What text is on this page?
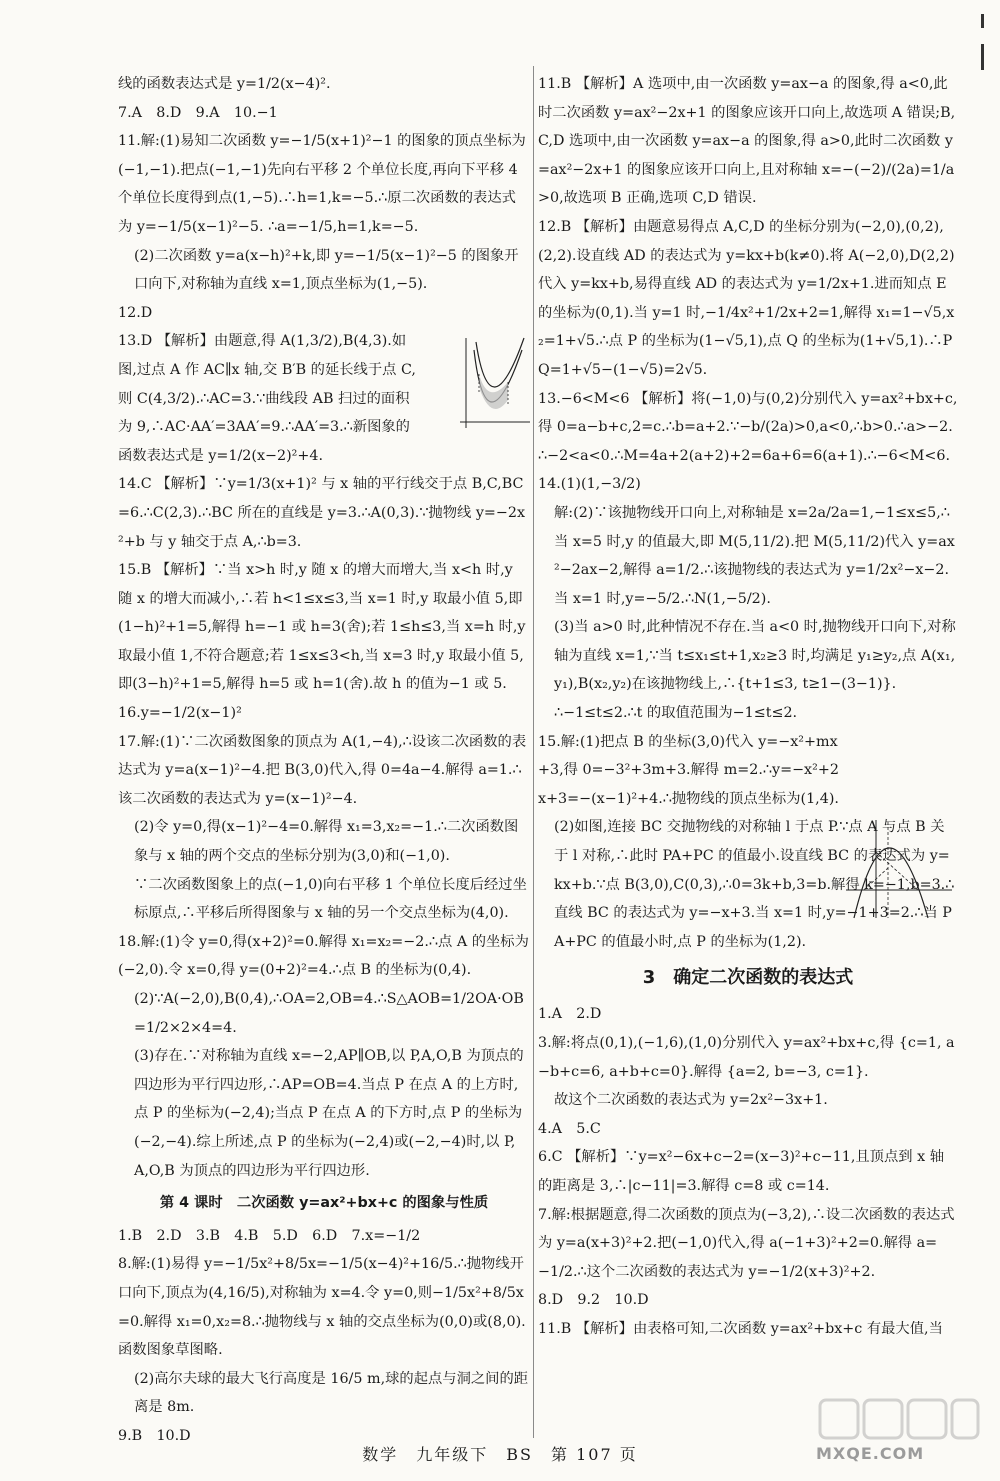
线的函数表达式是 y=1/2(x−4)².

7.A　8.D　9.A　10.−1

11.解:(1)易知二次函数 y=−1/5(x+1)²−1 的图象的顶点坐标为(−1,−1).把点(−1,−1)先向右平移 2 个单位长度,再向下平移 4 个单位长度得到点(1,−5).∴h=1,k=−5.∴原二次函数的表达式为 y=−1/5(x−1)²−5. ∴a=−1/5,h=1,k=−5.

(2)二次函数 y=a(x−h)²+k,即 y=−1/5(x−1)²−5 的图象开口向下,对称轴为直线 x=1,顶点坐标为(1,−5).

12.D

13.D 【解析】由题意,得 A(1,3/2),B(4,3).如图,过点 A 作 AC∥x 轴,交 B′B 的延长线于点 C,则 C(4,3/2).∴AC=3.∵曲线段 AB 扫过的面积为 9,∴AC·AA′=3AA′=9.∴AA′=3.∴新图象的函数表达式是 y=1/2(x−2)²+4.

14.C 【解析】∵y=1/3(x+1)² 与 x 轴的平行线交于点 B,C,BC=6.∴C(2,3).∴BC 所在的直线是 y=3.∴A(0,3).∵抛物线 y=−2x²+b 与 y 轴交于点 A,∴b=3.

15.B 【解析】∵当 x>h 时,y 随 x 的增大而增大,当 x<h 时,y 随 x 的增大而减小,∴若 h<1≤x≤3,当 x=1 时,y 取最小值 5,即(1−h)²+1=5,解得 h=−1 或 h=3(舍);若 1≤h≤3,当 x=h 时,y 取最小值 1,不符合题意;若 1≤x≤3<h,当 x=3 时,y 取最小值 5,即(3−h)²+1=5,解得 h=5 或 h=1(舍).故 h 的值为−1 或 5.

16.y=−1/2(x−1)²

17.解:(1)∵二次函数图象的顶点为 A(1,−4),∴设该二次函数的表达式为 y=a(x−1)²−4.把 B(3,0)代入,得 0=4a−4.解得 a=1.∴该二次函数的表达式为 y=(x−1)²−4.

(2)令 y=0,得(x−1)²−4=0.解得 x₁=3,x₂=−1.∴二次函数图象与 x 轴的两个交点的坐标分别为(3,0)和(−1,0).

∵二次函数图象上的点(−1,0)向右平移 1 个单位长度后经过坐标原点,∴平移后所得图象与 x 轴的另一个交点坐标为(4,0).

18.解:(1)令 y=0,得(x+2)²=0.解得 x₁=x₂=−2.∴点 A 的坐标为(−2,0).令 x=0,得 y=(0+2)²=4.∴点 B 的坐标为(0,4).

(2)∵A(−2,0),B(0,4),∴OA=2,OB=4.∴S△AOB=1/2OA·OB=1/2×2×4=4.

(3)存在.∵对称轴为直线 x=−2,AP∥OB,以 P,A,O,B 为顶点的四边形为平行四边形,∴AP=OB=4.当点 P 在点 A 的上方时,点 P 的坐标为(−2,4);当点 P 在点 A 的下方时,点 P 的坐标为(−2,−4).综上所述,点 P 的坐标为(−2,4)或(−2,−4)时,以 P,A,O,B 为顶点的四边形为平行四边形.

第 4 课时　二次函数 y=ax²+bx+c 的图象与性质

1.B　2.D　3.B　4.B　5.D　6.D　7.x=−1/2

8.解:(1)易得 y=−1/5x²+8/5x=−1/5(x−4)²+16/5.∴抛物线开口向下,顶点为(4,16/5),对称轴为 x=4.令 y=0,则−1/5x²+8/5x=0.解得 x₁=0,x₂=8.∴抛物线与 x 轴的交点坐标为(0,0)或(8,0).函数图象草图略.

(2)高尔夫球的最大飞行高度是 16/5 m,球的起点与洞之间的距离是 8m.

9.B　10.D

11.B 【解析】A 选项中,由一次函数 y=ax−a 的图象,得 a<0,此时二次函数 y=ax²−2x+1 的图象应该开口向上,故选项 A 错误;B,C,D 选项中,由一次函数 y=ax−a 的图象,得 a>0,此时二次函数 y=ax²−2x+1 的图象应该开口向上,且对称轴 x=−(−2)/(2a)=1/a>0,故选项 B 正确,选项 C,D 错误.

12.B 【解析】由题意易得点 A,C,D 的坐标分别为(−2,0),(0,2),(2,2).设直线 AD 的表达式为 y=kx+b(k≠0).将 A(−2,0),D(2,2)代入 y=kx+b,易得直线 AD 的表达式为 y=1/2x+1.进而知点 E 的坐标为(0,1).当 y=1 时,−1/4x²+1/2x+2=1,解得 x₁=1−√5,x₂=1+√5.∴点 P 的坐标为(1−√5,1),点 Q 的坐标为(1+√5,1).∴PQ=1+√5−(1−√5)=2√5.

13.−6<M<6 【解析】将(−1,0)与(0,2)分别代入 y=ax²+bx+c,得 0=a−b+c,2=c.∴b=a+2.∵−b/(2a)>0,a<0,∴b>0.∴a>−2.∴−2<a<0.∴M=4a+2(a+2)+2=6a+6=6(a+1).∴−6<M<6.

14.(1)(1,−3/2)

解:(2)∵该抛物线开口向上,对称轴是 x=2a/2a=1,−1≤x≤5,∴当 x=5 时,y 的值最大,即 M(5,11/2).把 M(5,11/2)代入 y=ax²−2ax−2,解得 a=1/2.∴该抛物线的表达式为 y=1/2x²−x−2.当 x=1 时,y=−5/2.∴N(1,−5/2).

(3)当 a>0 时,此种情况不存在.当 a<0 时,抛物线开口向下,对称轴为直线 x=1,∵当 t≤x₁≤t+1,x₂≥3 时,均满足 y₁≥y₂,点 A(x₁,y₁),B(x₂,y₂)在该抛物线上,∴{t+1≤3, t≥1−(3−1)}.

∴−1≤t≤2.∴t 的取值范围为−1≤t≤2.

15.解:(1)把点 B 的坐标(3,0)代入 y=−x²+mx+3,得 0=−3²+3m+3.解得 m=2.∴y=−x²+2x+3=−(x−1)²+4.∴抛物线的顶点坐标为(1,4).

(2)如图,连接 BC 交抛物线的对称轴 l 于点 P.∵点 A 与点 B 关于 l 对称,∴此时 PA+PC 的值最小.设直线 BC 的表达式为 y=kx+b.∵点 B(3,0),C(0,3),∴0=3k+b,3=b.解得 k=−1,b=3.∴直线 BC 的表达式为 y=−x+3.当 x=1 时,y=−1+3=2.∴当 PA+PC 的值最小时,点 P 的坐标为(1,2).

3　确定二次函数的表达式

1.A　2.D

3.解:将点(0,1),(−1,6),(1,0)分别代入 y=ax²+bx+c,得 {c=1, a−b+c=6, a+b+c=0}.解得 {a=2, b=−3, c=1}.

故这个二次函数的表达式为 y=2x²−3x+1.

4.A　5.C

6.C 【解析】∵y=x²−6x+c−2=(x−3)²+c−11,且顶点到 x 轴的距离是 3,∴|c−11|=3.解得 c=8 或 c=14.

7.解:根据题意,得二次函数的顶点为(−3,2),∴设二次函数的表达式为 y=a(x+3)²+2.把(−1,0)代入,得 a(−1+3)²+2=0.解得 a=−1/2.∴这个二次函数的表达式为 y=−1/2(x+3)²+2.

8.D　9.2　10.D

11.B 【解析】由表格可知,二次函数 y=ax²+bx+c 有最大值,当

数学　九年级下　BS　第 107 页	MXQE.COM
